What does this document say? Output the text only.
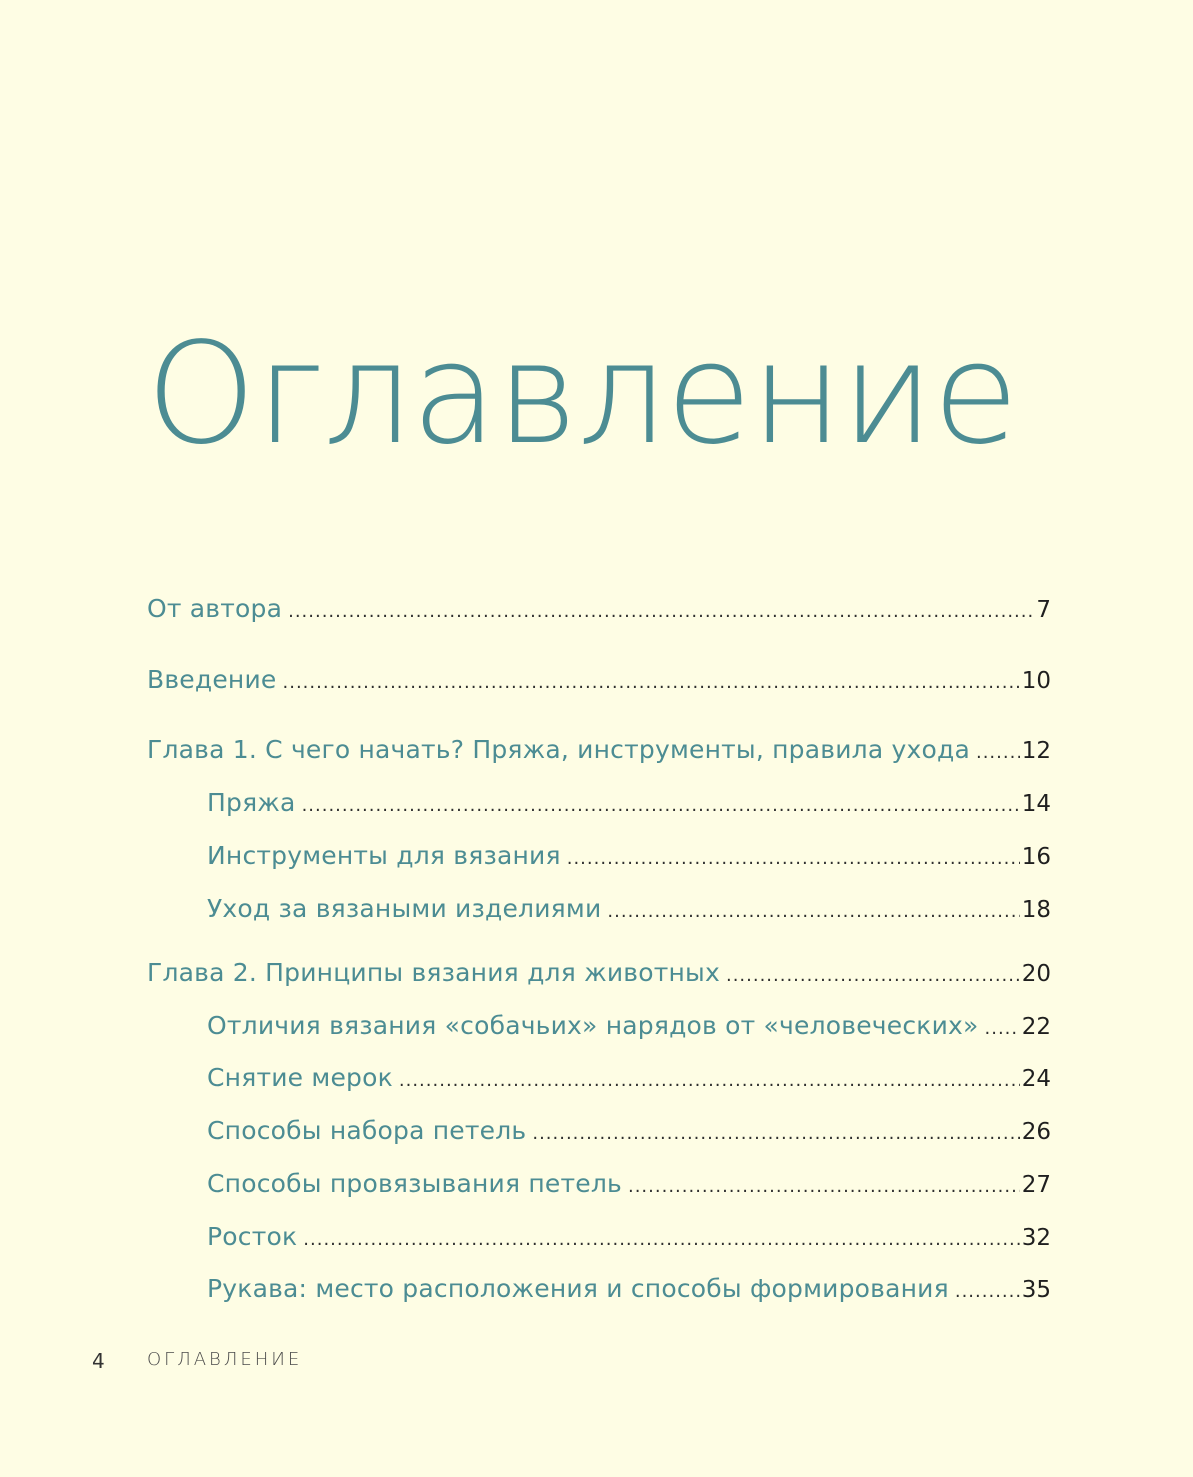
Оглавление
От автора .....	7
Введение .....	10
Глава 1. С чего начать? Пряжа, инструменты, правила ухода ..... 12
Пряжа .....	14
Инструменты для вязания .....	16
Уход за вязаными изделиями .....	18
Глава 2. Принципы вязания для животных .....	20
Отличия вязания «собачьих» нарядов от «человеческих» ..... 22
Снятие мерок .....	24
Способы набора петель .....	26
Способы провязывания петель .....	27
Росток .....	32
Рукава: место расположения и способы формирования .....	35
4 ОГЛАВЛЕНИЕ
